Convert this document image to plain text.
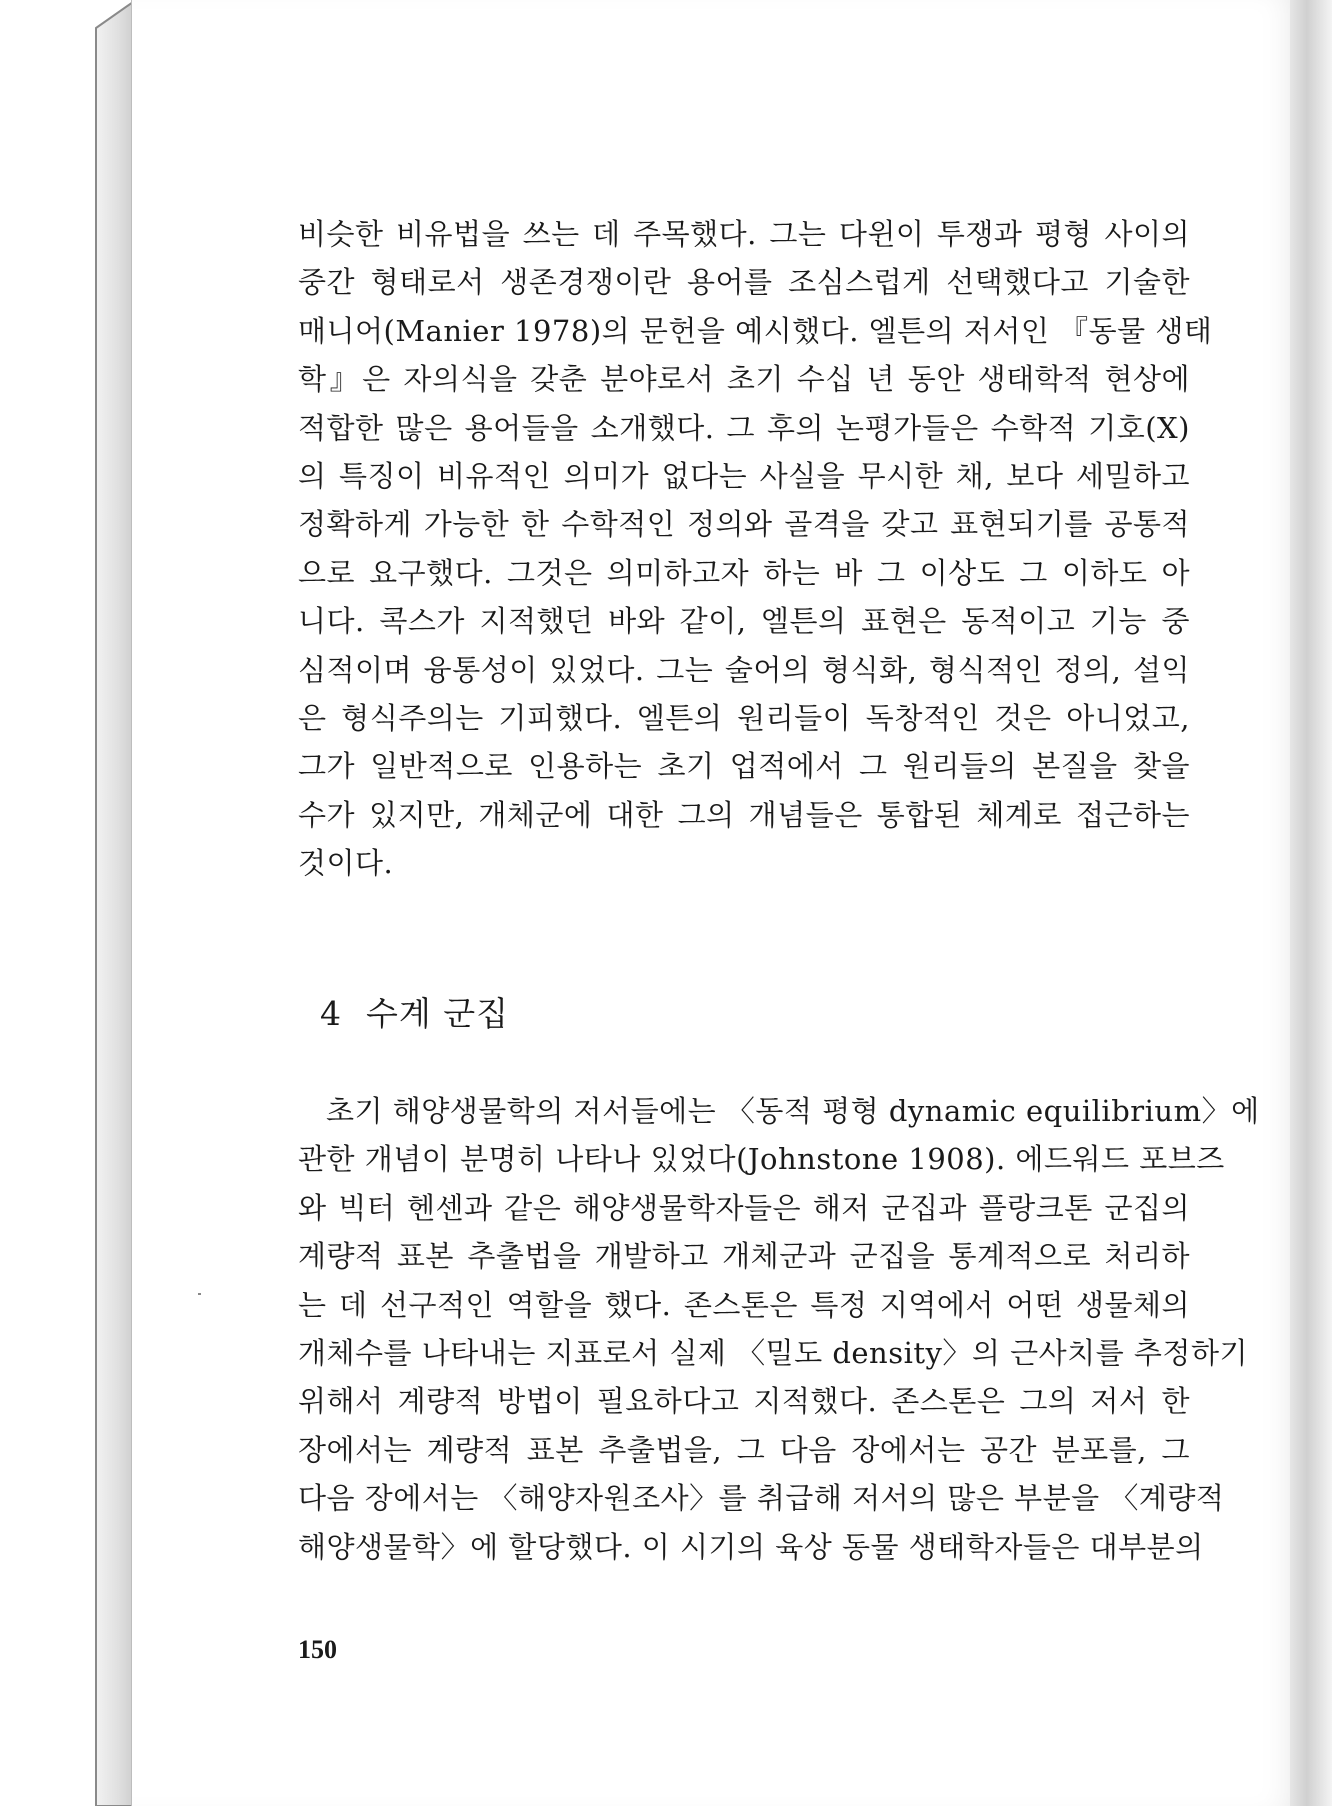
비슷한 비유법을 쓰는 데 주목했다. 그는 다윈이 투쟁과 평형 사이의
중간 형태로서 생존경쟁이란 용어를 조심스럽게 선택했다고 기술한
매니어(Manier 1978)의 문헌을 예시했다. 엘튼의 저서인 『동물 생태
학』은 자의식을 갖춘 분야로서 초기 수십 년 동안 생태학적 현상에
적합한 많은 용어들을 소개했다. 그 후의 논평가들은 수학적 기호(X)
의 특징이 비유적인 의미가 없다는 사실을 무시한 채, 보다 세밀하고
정확하게 가능한 한 수학적인 정의와 골격을 갖고 표현되기를 공통적
으로 요구했다. 그것은 의미하고자 하는 바 그 이상도 그 이하도 아
니다. 콕스가 지적했던 바와 같이, 엘튼의 표현은 동적이고 기능 중
심적이며 융통성이 있었다. 그는 술어의 형식화, 형식적인 정의, 설익
은 형식주의는 기피했다. 엘튼의 원리들이 독창적인 것은 아니었고,
그가 일반적으로 인용하는 초기 업적에서 그 원리들의 본질을 찾을
수가 있지만, 개체군에 대한 그의 개념들은 통합된 체계로 접근하는
것이다.
4 수계 군집
초기 해양생물학의 저서들에는 〈동적 평형 dynamic equilibrium〉에
관한 개념이 분명히 나타나 있었다(Johnstone 1908). 에드워드 포브즈
와 빅터 헨센과 같은 해양생물학자들은 해저 군집과 플랑크톤 군집의
계량적 표본 추출법을 개발하고 개체군과 군집을 통계적으로 처리하
는 데 선구적인 역할을 했다. 존스톤은 특정 지역에서 어떤 생물체의
개체수를 나타내는 지표로서 실제 〈밀도 density〉의 근사치를 추정하기
위해서 계량적 방법이 필요하다고 지적했다. 존스톤은 그의 저서 한
장에서는 계량적 표본 추출법을, 그 다음 장에서는 공간 분포를, 그
다음 장에서는 〈해양자원조사〉를 취급해 저서의 많은 부분을 〈계량적
해양생물학〉에 할당했다. 이 시기의 육상 동물 생태학자들은 대부분의
150
